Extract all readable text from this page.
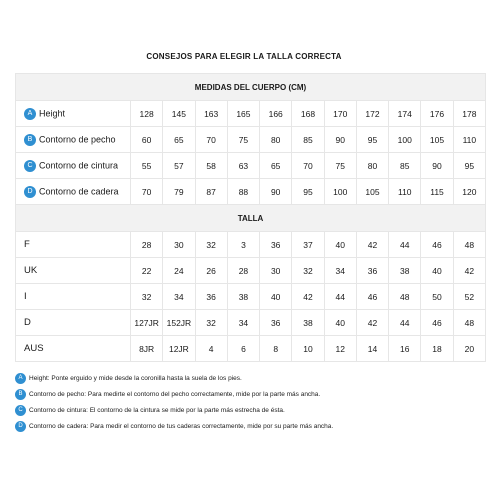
CONSEJOS PARA ELEGIR LA TALLA CORRECTA
MEDIDAS DEL CUERPO (CM)											
A Height	128	145	163	165	166	168	170	172	174	176	178
B Contorno de pecho	60	65	70	75	80	85	90	95	100	105	110
C Contorno de cintura	55	57	58	63	65	70	75	80	85	90	95
D Contorno de cadera	70	79	87	88	90	95	100	105	110	115	120
TALLA											
F	28	30	32	3	36	37	40	42	44	46	48
UK	22	24	26	28	30	32	34	36	38	40	42
I	32	34	36	38	40	42	44	46	48	50	52
D	127JR	152JR	32	34	36	38	40	42	44	46	48
AUS	8JR	12JR	4	6	8	10	12	14	16	18	20
A	Height: Ponte erguido y mide desde la coronilla hasta la suela de los pies.
B	Contorno de pecho: Para medirte el contorno del pecho correctamente, mide por la parte más ancha.
C Contorno de cintura: El contorno de la cintura se mide por la parte más estrecha de ésta.
D Contorno de cadera: Para medir el contorno de tus caderas correctamente, mide por su parte más ancha.
